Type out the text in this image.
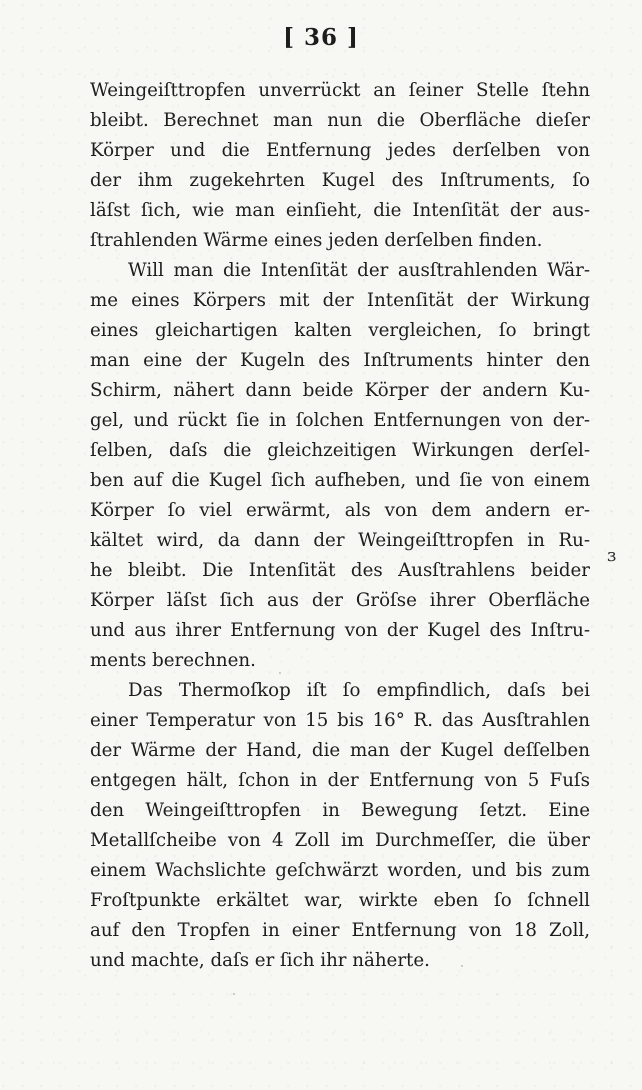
[ 36 ]
Weingeiſttropfen unverrückt an ſeiner Stelle ſtehn
bleibt. Berechnet man nun die Oberfläche dieſer
Körper und die Entfernung jedes derſelben von
der ihm zugekehrten Kugel des Inſtruments, ſo
läſst ſich, wie man einſieht, die Intenſität der aus-
ſtrahlenden Wärme eines jeden derſelben finden.
Will man die Intenſität der ausſtrahlenden Wär-
me eines Körpers mit der Intenſität der Wirkung
eines gleichartigen kalten vergleichen, ſo bringt
man eine der Kugeln des Inſtruments hinter den
Schirm, nähert dann beide Körper der andern Ku-
gel, und rückt ſie in ſolchen Entfernungen von der-
ſelben, daſs die gleichzeitigen Wirkungen derſel-
ben auf die Kugel ſich aufheben, und ſie von einem
Körper ſo viel erwärmt, als von dem andern er-
kältet wird, da dann der Weingeiſttropfen in Ru-
he bleibt. Die Intenſität des Ausſtrahlens beider
Körper läſst ſich aus der Gröſse ihrer Oberfläche
und aus ihrer Entfernung von der Kugel des Inſtru-
ments berechnen.
Das Thermoſkop iſt ſo empfindlich, daſs bei
einer Temperatur von 15 bis 16° R. das Ausſtrahlen
der Wärme der Hand, die man der Kugel deſſelben
entgegen hält, ſchon in der Entfernung von 5 Fuſs
den Weingeiſttropfen in Bewegung ſetzt. Eine
Metallſcheibe von 4 Zoll im Durchmeſſer, die über
einem Wachslichte geſchwärzt worden, und bis zum
Froſtpunkte erkältet war, wirkte eben ſo ſchnell
auf den Tropfen in einer Entfernung von 18 Zoll,
und machte, daſs er ſich ihr näherte.
ɜ
